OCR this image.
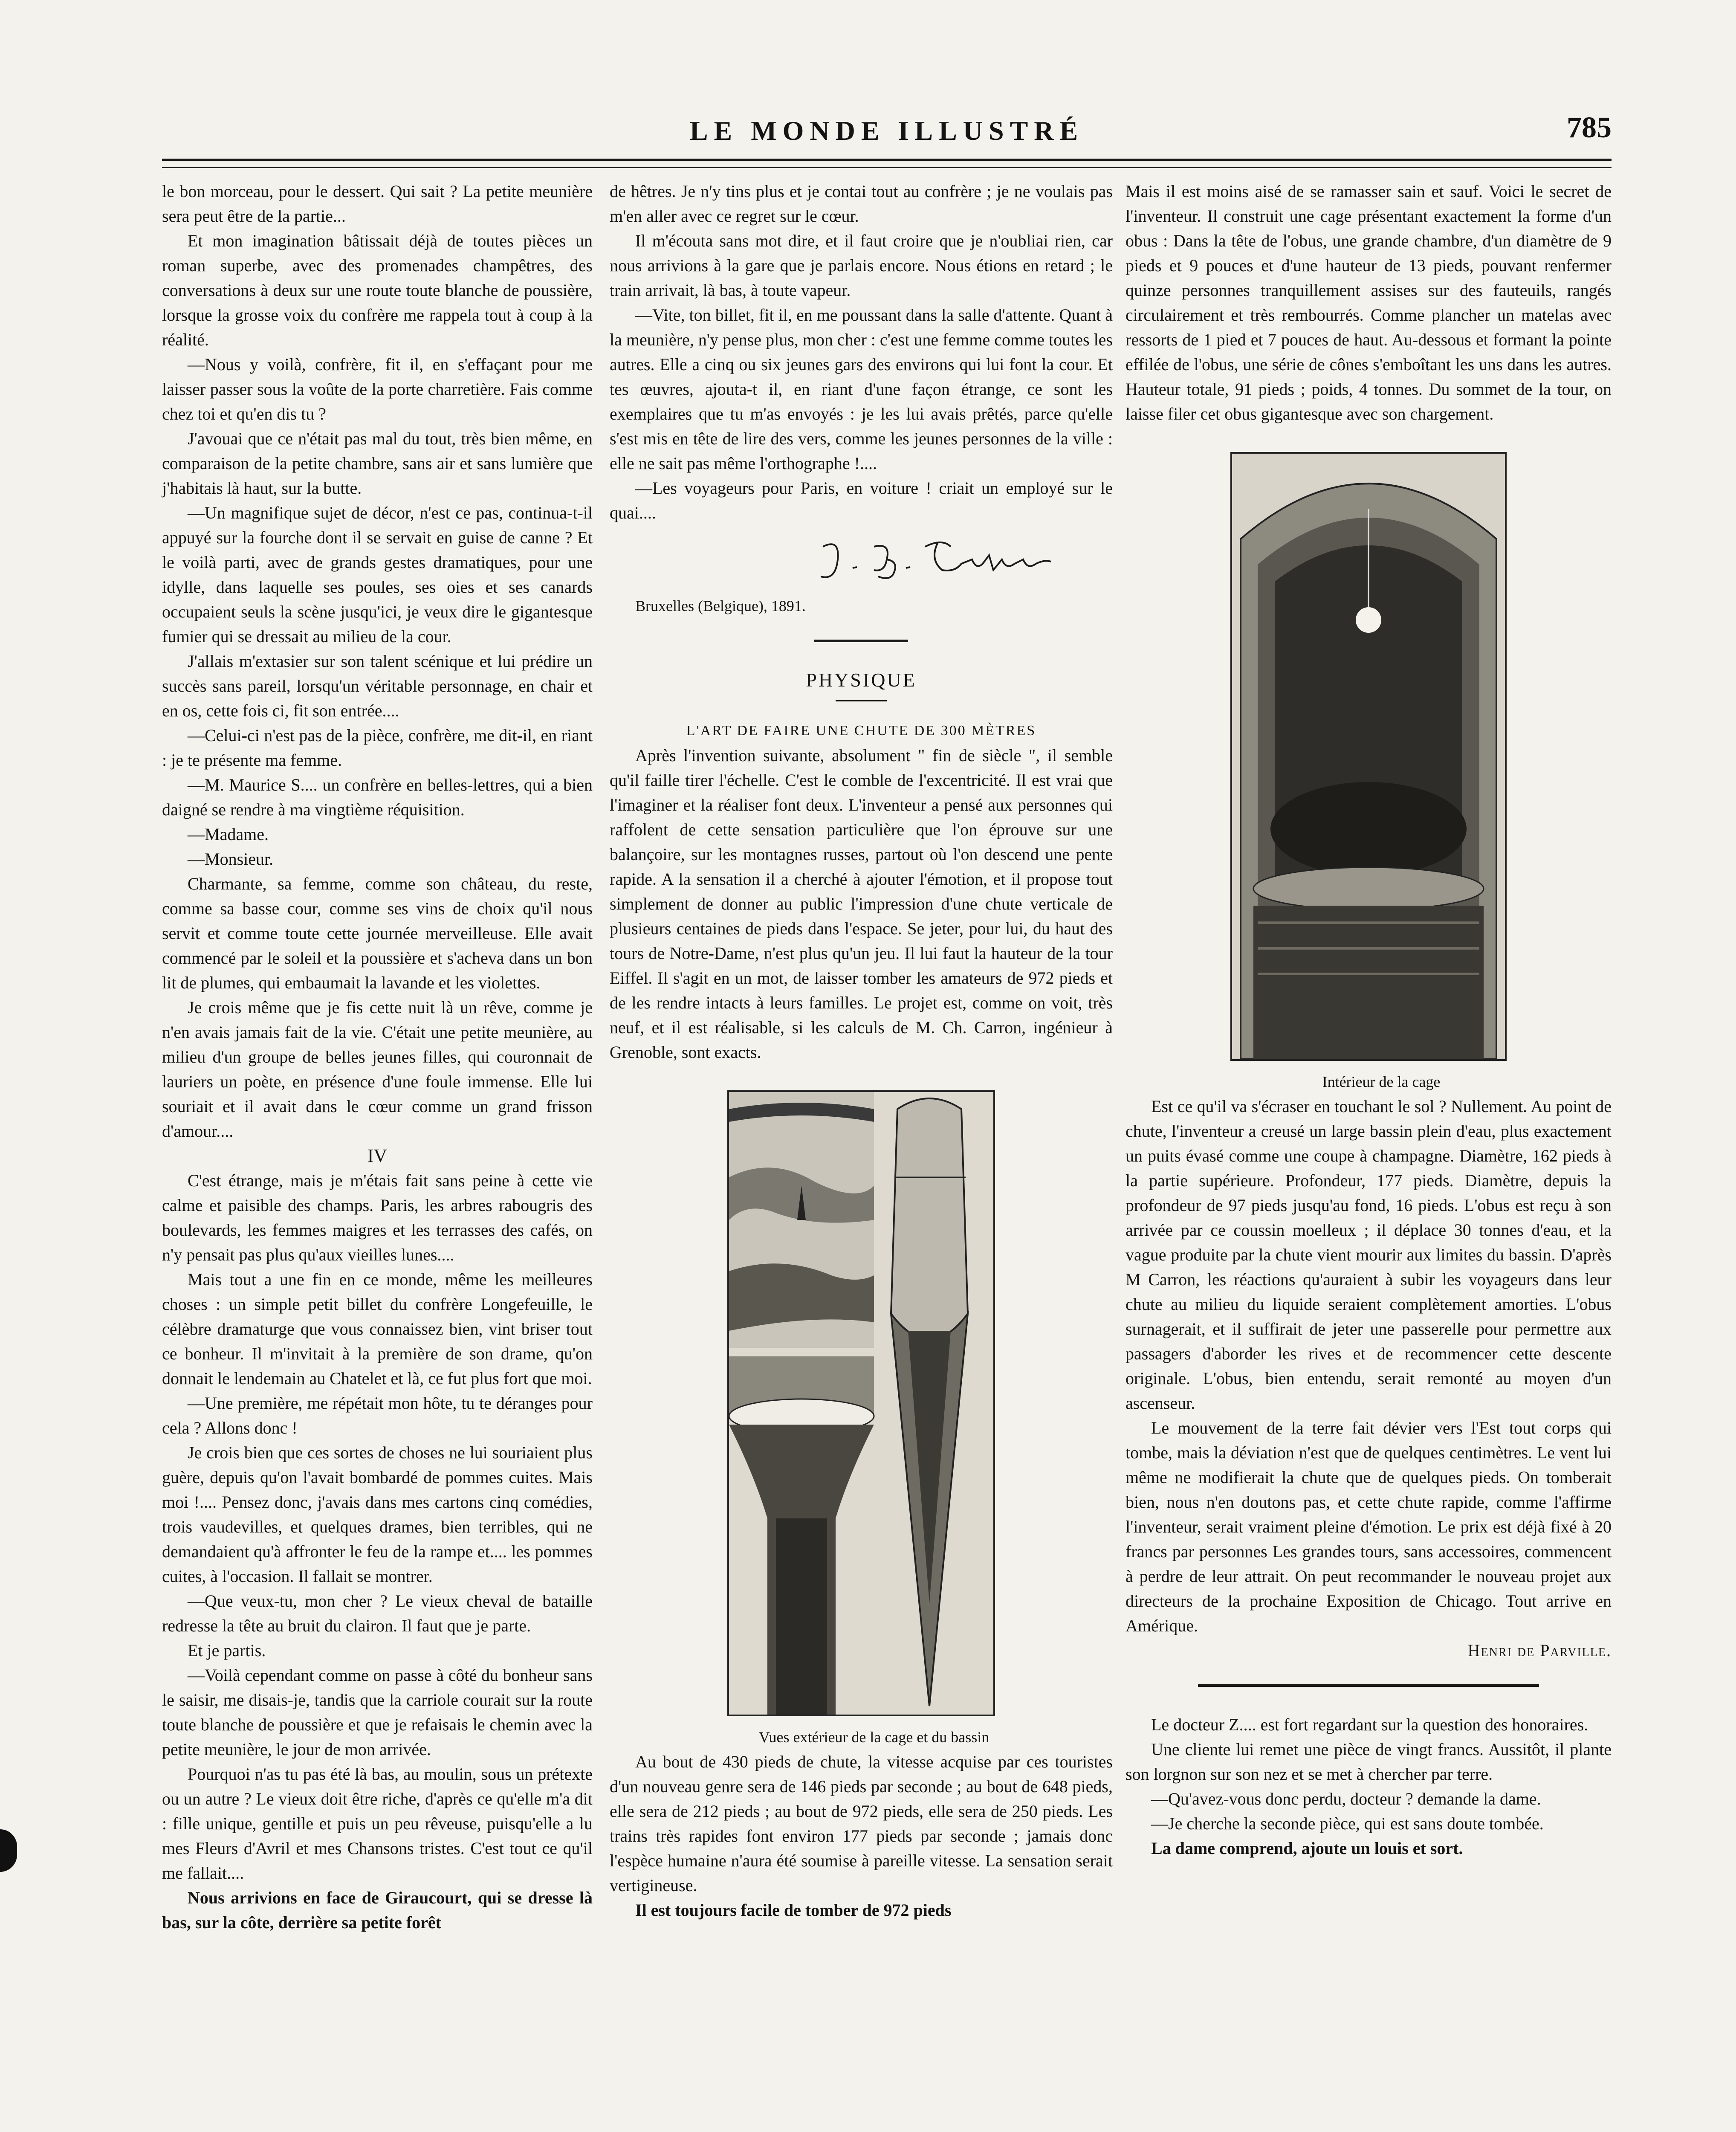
LE MONDE ILLUSTRÉ	785

le bon morceau, pour le dessert. Qui sait ? La petite meunière sera peut être de la partie...

Et mon imagination bâtissait déjà de toutes pièces un roman superbe, avec des promenades champêtres, des conversations à deux sur une route toute blanche de poussière, lorsque la grosse voix du confrère me rappela tout à coup à la réalité.

—Nous y voilà, confrère, fit il, en s'effaçant pour me laisser passer sous la voûte de la porte charretière. Fais comme chez toi et qu'en dis tu ?

J'avouai que ce n'était pas mal du tout, très bien même, en comparaison de la petite chambre, sans air et sans lumière que j'habitais là haut, sur la butte.

—Un magnifique sujet de décor, n'est ce pas, continua-t-il appuyé sur la fourche dont il se servait en guise de canne ? Et le voilà parti, avec de grands gestes dramatiques, pour une idylle, dans laquelle ses poules, ses oies et ses canards occupaient seuls la scène jusqu'ici, je veux dire le gigantesque fumier qui se dressait au milieu de la cour.

J'allais m'extasier sur son talent scénique et lui prédire un succès sans pareil, lorsqu'un véritable personnage, en chair et en os, cette fois ci, fit son entrée....

—Celui-ci n'est pas de la pièce, confrère, me dit-il, en riant : je te présente ma femme.

—M. Maurice S.... un confrère en belles-lettres, qui a bien daigné se rendre à ma vingtième réquisition.

—Madame.

—Monsieur.

Charmante, sa femme, comme son château, du reste, comme sa basse cour, comme ses vins de choix qu'il nous servit et comme toute cette journée merveilleuse. Elle avait commencé par le soleil et la poussière et s'acheva dans un bon lit de plumes, qui embaumait la lavande et les violettes.

Je crois même que je fis cette nuit là un rêve, comme je n'en avais jamais fait de la vie. C'était une petite meunière, au milieu d'un groupe de belles jeunes filles, qui couronnait de lauriers un poète, en présence d'une foule immense. Elle lui souriait et il avait dans le cœur comme un grand frisson d'amour....

IV

C'est étrange, mais je m'étais fait sans peine à cette vie calme et paisible des champs. Paris, les arbres rabougris des boulevards, les femmes maigres et les terrasses des cafés, on n'y pensait pas plus qu'aux vieilles lunes....

Mais tout a une fin en ce monde, même les meilleures choses : un simple petit billet du confrère Longefeuille, le célèbre dramaturge que vous connaissez bien, vint briser tout ce bonheur. Il m'invitait à la première de son drame, qu'on donnait le lendemain au Chatelet et là, ce fut plus fort que moi.

—Une première, me répétait mon hôte, tu te déranges pour cela ? Allons donc !

Je crois bien que ces sortes de choses ne lui souriaient plus guère, depuis qu'on l'avait bombardé de pommes cuites. Mais moi !.... Pensez donc, j'avais dans mes cartons cinq comédies, trois vaudevilles, et quelques drames, bien terribles, qui ne demandaient qu'à affronter le feu de la rampe et.... les pommes cuites, à l'occasion. Il fallait se montrer.

—Que veux-tu, mon cher ? Le vieux cheval de bataille redresse la tête au bruit du clairon. Il faut que je parte.

Et je partis.

—Voilà cependant comme on passe à côté du bonheur sans le saisir, me disais-je, tandis que la carriole courait sur la route toute blanche de poussière et que je refaisais le chemin avec la petite meunière, le jour de mon arrivée.

Pourquoi n'as tu pas été là bas, au moulin, sous un prétexte ou un autre ? Le vieux doit être riche, d'après ce qu'elle m'a dit : fille unique, gentille et puis un peu rêveuse, puisqu'elle a lu mes Fleurs d'Avril et mes Chansons tristes. C'est tout ce qu'il me fallait....

Nous arrivions en face de Giraucourt, qui se dresse là bas, sur la côte, derrière sa petite forêt

de hêtres. Je n'y tins plus et je contai tout au confrère ; je ne voulais pas m'en aller avec ce regret sur le cœur.

Il m'écouta sans mot dire, et il faut croire que je n'oubliai rien, car nous arrivions à la gare que je parlais encore. Nous étions en retard ; le train arrivait, là bas, à toute vapeur.

—Vite, ton billet, fit il, en me poussant dans la salle d'attente. Quant à la meunière, n'y pense plus, mon cher : c'est une femme comme toutes les autres. Elle a cinq ou six jeunes gars des environs qui lui font la cour. Et tes œuvres, ajouta-t il, en riant d'une façon étrange, ce sont les exemplaires que tu m'as envoyés : je les lui avais prêtés, parce qu'elle s'est mis en tête de lire des vers, comme les jeunes personnes de la ville : elle ne sait pas même l'orthographe !....

—Les voyageurs pour Paris, en voiture ! criait un employé sur le quai....

Bruxelles (Belgique), 1891.

PHYSIQUE

L'ART DE FAIRE UNE CHUTE DE 300 MÈTRES

Après l'invention suivante, absolument " fin de siècle ", il semble qu'il faille tirer l'échelle. C'est le comble de l'excentricité. Il est vrai que l'imaginer et la réaliser font deux. L'inventeur a pensé aux personnes qui raffolent de cette sensation particulière que l'on éprouve sur une balançoire, sur les montagnes russes, partout où l'on descend une pente rapide. A la sensation il a cherché à ajouter l'émotion, et il propose tout simplement de donner au public l'impression d'une chute verticale de plusieurs centaines de pieds dans l'espace. Se jeter, pour lui, du haut des tours de Notre-Dame, n'est plus qu'un jeu. Il lui faut la hauteur de la tour Eiffel. Il s'agit en un mot, de laisser tomber les amateurs de 972 pieds et de les rendre intacts à leurs familles. Le projet est, comme on voit, très neuf, et il est réalisable, si les calculs de M. Ch. Carron, ingénieur à Grenoble, sont exacts.

Vues extérieur de la cage et du bassin

Au bout de 430 pieds de chute, la vitesse acquise par ces touristes d'un nouveau genre sera de 146 pieds par seconde ; au bout de 648 pieds, elle sera de 212 pieds ; au bout de 972 pieds, elle sera de 250 pieds. Les trains très rapides font environ 177 pieds par seconde ; jamais donc l'espèce humaine n'aura été soumise à pareille vitesse. La sensation serait vertigineuse.

Il est toujours facile de tomber de 972 pieds

Mais il est moins aisé de se ramasser sain et sauf. Voici le secret de l'inventeur. Il construit une cage présentant exactement la forme d'un obus : Dans la tête de l'obus, une grande chambre, d'un diamètre de 9 pieds et 9 pouces et d'une hauteur de 13 pieds, pouvant renfermer quinze personnes tranquillement assises sur des fauteuils, rangés circulairement et très rembourrés. Comme plancher un matelas avec ressorts de 1 pied et 7 pouces de haut. Au-dessous et formant la pointe effilée de l'obus, une série de cônes s'emboîtant les uns dans les autres. Hauteur totale, 91 pieds ; poids, 4 tonnes. Du sommet de la tour, on laisse filer cet obus gigantesque avec son chargement.

Intérieur de la cage

Est ce qu'il va s'écraser en touchant le sol ? Nullement. Au point de chute, l'inventeur a creusé un large bassin plein d'eau, plus exactement un puits évasé comme une coupe à champagne. Diamètre, 162 pieds à la partie supérieure. Profondeur, 177 pieds. Diamètre, depuis la profondeur de 97 pieds jusqu'au fond, 16 pieds. L'obus est reçu à son arrivée par ce coussin moelleux ; il déplace 30 tonnes d'eau, et la vague produite par la chute vient mourir aux limites du bassin. D'après M Carron, les réactions qu'auraient à subir les voyageurs dans leur chute au milieu du liquide seraient complètement amorties. L'obus surnagerait, et il suffirait de jeter une passerelle pour permettre aux passagers d'aborder les rives et de recommencer cette descente originale. L'obus, bien entendu, serait remonté au moyen d'un ascenseur.

Le mouvement de la terre fait dévier vers l'Est tout corps qui tombe, mais la déviation n'est que de quelques centimètres. Le vent lui même ne modifierait la chute que de quelques pieds. On tomberait bien, nous n'en doutons pas, et cette chute rapide, comme l'affirme l'inventeur, serait vraiment pleine d'émotion. Le prix est déjà fixé à 20 francs par personnes Les grandes tours, sans accessoires, commencent à perdre de leur attrait. On peut recommander le nouveau projet aux directeurs de la prochaine Exposition de Chicago. Tout arrive en Amérique.

Henri de Parville.

Le docteur Z.... est fort regardant sur la question des honoraires.

Une cliente lui remet une pièce de vingt francs. Aussitôt, il plante son lorgnon sur son nez et se met à chercher par terre.

—Qu'avez-vous donc perdu, docteur ? demande la dame.

—Je cherche la seconde pièce, qui est sans doute tombée.

La dame comprend, ajoute un louis et sort.
